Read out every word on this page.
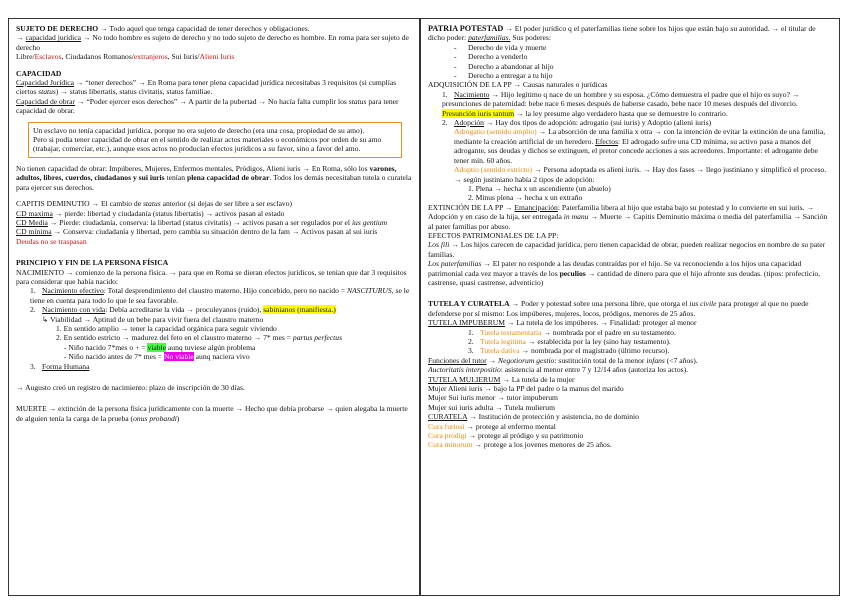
SUJETO DE DERECHO → Todo aquel que tenga capacidad de tener derechos y obligaciones.

→ capacidad jurídica → No todo hombre es sujeto de derecho y no todo sujeto de derecho es hombre. En roma para ser sujeto de derecho

Libre/Esclavos, Ciudadanos Romanos/extranjeros, Sui Iuris/Alieni Iuris

CAPACIDAD

Capacidad Jurídica → “tener derechos” → En Roma para tener plena capacidad jurídica necesitabas 3 requisitos (si cumplías ciertos status) → status libertatis, status civitatis, status familiae.

Capacidad de obrar → “Poder ejercer esos derechos” → A partir de la pubertad → No hacía falta cumplir los status para tener capacidad de obrar.

Un esclavo no tenía capacidad jurídica, porque no era sujeto de derecho (era una cosa, propiedad de su amo).

Pero si podía tener capacidad de obrar en el sentido de realizar actos materiales o económicos por orden de su amo (trabajar, comerciar, etc.), aunque esos actos no producían efectos jurídicos a su favor, sino a favor del amo.

No tienen capacidad de obrar: Impúberes, Mujeres, Enfermos mentales, Pródigos, Alieni iuris → En Roma, sólo los varones, adultos, libres, cuerdos, ciudadanos y sui iuris tenían plena capacidad de obrar. Todos los demás necesitaban tutela o curatela para ejercer sus derechos.

CAPITIS DEMINUTIO → El cambio de status anterior (si dejas de ser libre a ser esclavo)

CD maxima → pierde: libertad y ciudadanía (status libertatis) → activos pasan al estado

CD Media → Pierde: ciudadanía, conserva: la libertad (status civitatis) → activos pasan a ser regulados por el ius gentium

CD mínima → Conserva: ciudadanía y libertad, pero cambia su situación dentro de la fam → Activos pasan al sui iuris

Deudas no se traspasan

PRINCIPIO Y FIN DE LA PERSONA FÍSICA

NACIMIENTO → comienzo de la persona física. → para que en Roma se dieran efectos jurídicos, se tenían que dar 3 requisitos para considerar que había nacido:

1. Nacimiento efectivo: Total desprendimiento del claustro materno. Hijo concebido, pero no nacido = NASCITURUS, se le tiene en cuenta para todo lo que le sea favorable.

2. Nacimiento con vida: Debía acreditarse la vida → proculeyanos (ruido), sabinianos (manifiesta.)

↳ Viabilidad → Aptitud de un bebe para vivir fuera del claustro materno

1. En sentido amplio → tener la capacidad orgánica para seguir viviendo

2. En sentido estricto → madurez del feto en el claustro materno → 7* mes = partus perfectus

- Niño nacido 7*mes o + = viable aunq tuviese algún problema

- Niño nacido antes de 7* mes = No viable aunq naciera vivo

3. Forma Humana

→ Augusto creó un registro de nacimiento: plazo de inscripción de 30 días.

MUERTE → extinción de la persona física jurídicamente con la muerte → Hecho que debía probarse → quien alegaba la muerte de alguien tenía la carga de la prueba (onus probandi)

PATRIA POTESTAD → El poder jurídico q el paterfamilias tiene sobre los hijos que están bajo su autoridad. → el titular de dicho poder: paterfamilias. Sus poderes:

- Derecho de vida y muerte

- Derecho a venderlo

- Derecho a abandonar al hijo

- Derecho a entregar a tu hijo

ADQUISICIÓN DE LA PP → Causas naturales o jurídicas

1. Nacimiento → Hijo legítimo q nace de un hombre y su esposa. ¿Cómo demuestra el padre que el hijo es suyo? → presunciones de paternidad: bebe nace 6 meses después de haberse casado, bebe nace 10 meses después del divorcio. Presunción iuris tantum → la ley presume algo verdadero hasta que se demuestre lo contrario.

2. Adopción → Hay dos tipos de adopción: adrogatio (sui iuris) y Adoptio (alieni iuris)

Adrogatio (sentido amplio) → La absorción de una familia x otra → con la intención de evitar la extinción de una familia, mediante la creación artificial de un heredero. Efectos: El adrogado sufre una CD mínima, su activo pasa a manos del adrogante, sus deudas y dichos se extinguen, el pretor concede acciones a sus acreedores. Importante: el adrogante debe tener mín. 60 años.

Adoptio (sentido estricto) → Persona adoptada es alieni iuris. → Hay dos fases → llego justiniano y simplificó el proceso. → según justiniano había 2 tipos de adopción:

1. Plena → hecha x un ascendiente (un abuelo)

2. Minus plena → hecha x un extraño

EXTINCIÓN DE LA PP → Emancipación: Paterfamilia libera al hijo que estaba bajo su potestad y lo convierte en sui iuris. → Adopción y en caso de la hija, ser entregada in manu → Muerte → Capitis Deminutio máxima o media del paterfamilia → Sanción al pater familias por abuso.

EFECTOS PATRIMONIALES DE LA PP:

Los fili → Los hijos carecen de capacidad jurídica, pero tienen capacidad de obrar, pueden realizar negocios en nombre de su pater familias.

Los paterfamilias → El pater no responde a las deudas contraídas por el hijo. Se va reconociendo a los hijos una capacidad patrimonial cada vez mayor a través de los peculios → cantidad de dinero para que el hijo afronte sus deudas. (tipos: profecticio, castrense, quasi castrense, adventicio)

TUTELA Y CURATELA → Poder y potestad sobre una persona libre, que otorga el ius civile para proteger al que no puede defenderse por sí mismo: Los impúberes, mujeres, locos, pródigos, menores de 25 años.

TUTELA IMPUBERUM → La tutela de los impúberes. → Finalidad: proteger al menor

1. Tutela testamentaria → nombrada por el padre en su testamento.

2. Tutela legítima → establecida por la ley (sino hay testamento).

3. Tutela dativa → nombrada por el magistrado (último recurso).

Funciones del tutor → Negotiorum gestio: sustitución total de la menor infans (<7 años).

Auctoritatis interpositio: asistencia al menor entre 7 y 12/14 años (autoriza los actos).

TUTELA MULIERUM → La tutela de la mujer

Mujer Alieni iuris → bajo la PP del padre o la manus del marido

Mujer Sui iuris menor → tutor impuberum

Mujer sui iuris adulta → Tutela mulierum

CURATELA → Institución de protección y asistencia, no de dominio

Cura furiosi → protege al enfermo mental

Cura prodigi → protege al pródigo y su patrimonio

Cura minorum → protege a los jovenes menores de 25 años.
